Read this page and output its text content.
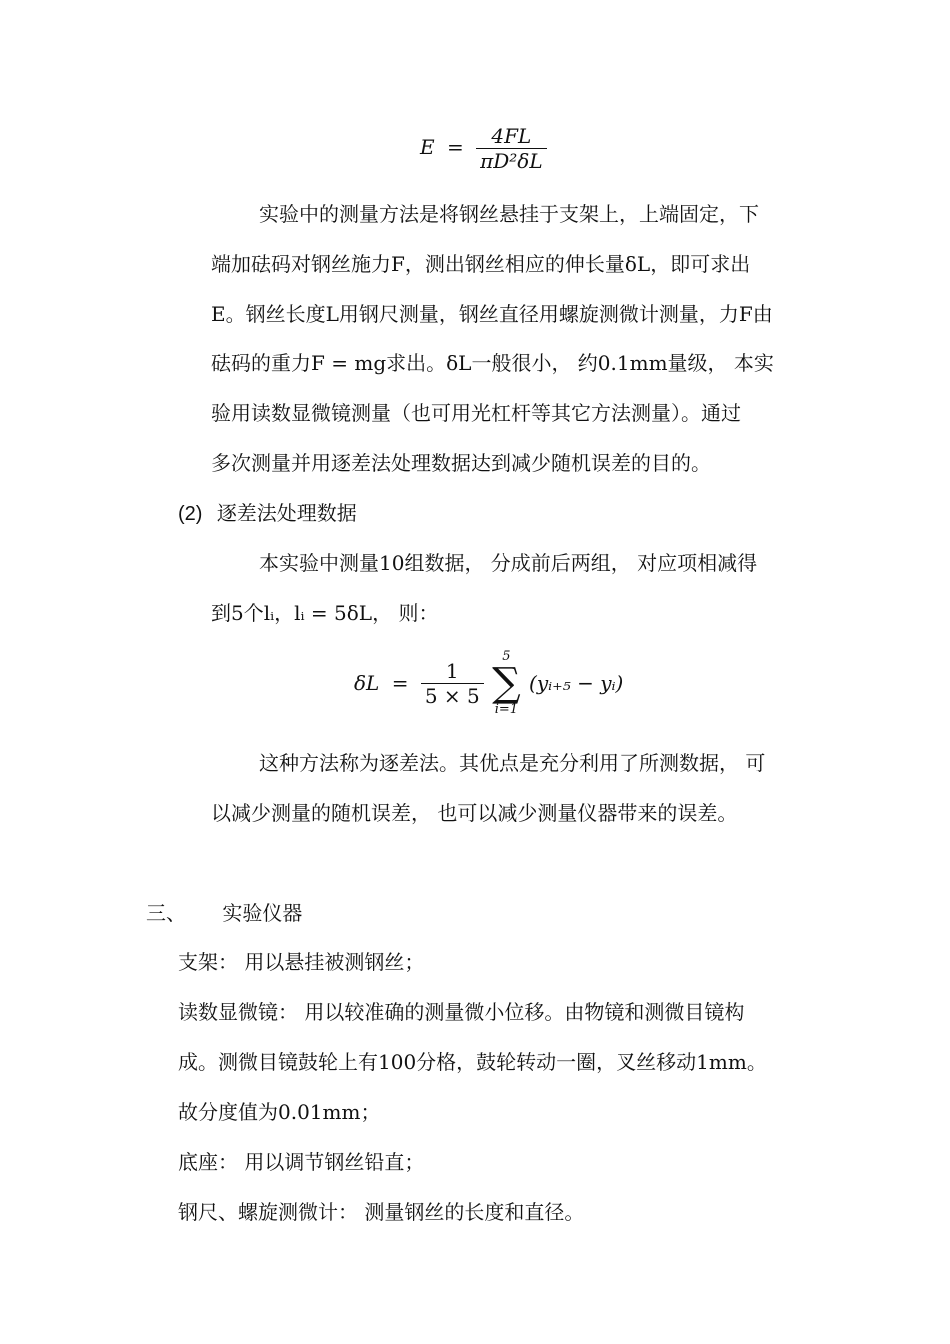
$E = \frac{4FL}{\text{πD²δL}}$
实验中的测量方法是将钢丝悬挂于支架上，上端固定，下
端加砝码对钢丝施力F，测出钢丝相应的伸长量δL，即可求出
E。钢丝长度L用钢尺测量，钢丝直径用螺旋测微计测量，力F由
砝码的重力F = mg求出。δL一般很小， 约0.1mm量级， 本实
验用读数显微镜测量（也可用光杠杆等其它方法测量）。通过
多次测量并用逐差法处理数据达到减少随机误差的目的。
(2) 逐差法处理数据
本实验中测量10组数据， 分成前后两组， 对应项相减得
到5个lᵢ，lᵢ = 5δL， 则：
$\delta L = \frac{1}{5 \times 5}$

5
∑
i=1
(yᵢ₊₅ − yᵢ)
这种方法称为逐差法。其优点是充分利用了所测数据， 可
以减少测量的随机误差， 也可以减少测量仪器带来的误差。
三、 实验仪器
支架： 用以悬挂被测钢丝；
读数显微镜： 用以较准确的测量微小位移。由物镜和测微目镜构
成。测微目镜鼓轮上有100分格，鼓轮转动一圈，叉丝移动1mm。
故分度值为0.01mm；
底座： 用以调节钢丝铅直；
钢尺、螺旋测微计： 测量钢丝的长度和直径。
